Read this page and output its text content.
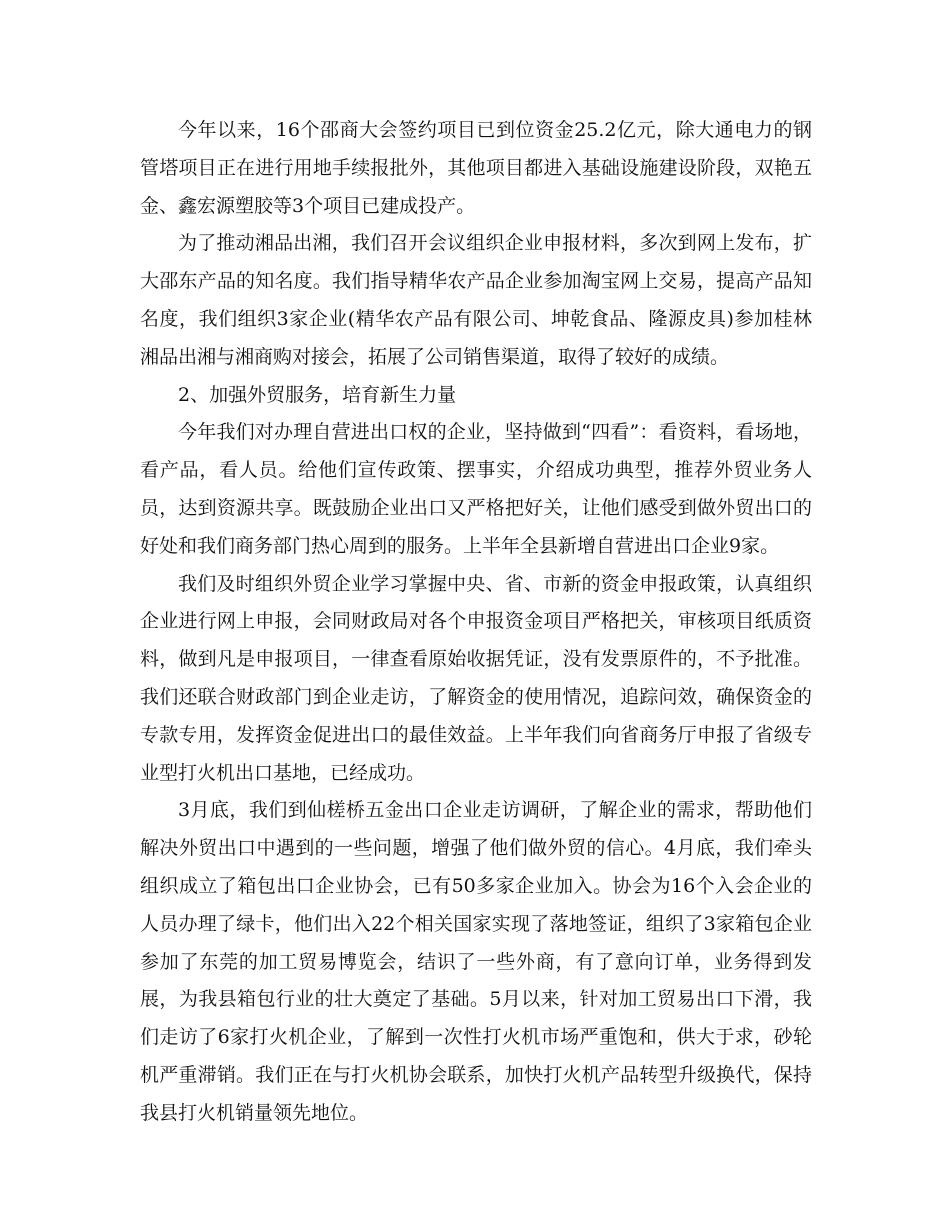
今年以来，16个邵商大会签约项目已到位资金25.2亿元，除大通电力的钢管塔项目正在进行用地手续报批外，其他项目都进入基础设施建设阶段，双艳五金、鑫宏源塑胶等3个项目已建成投产。

为了推动湘品出湘，我们召开会议组织企业申报材料，多次到网上发布，扩大邵东产品的知名度。我们指导精华农产品企业参加淘宝网上交易，提高产品知名度，我们组织3家企业(精华农产品有限公司、坤乾食品、隆源皮具)参加桂林湘品出湘与湘商购对接会，拓展了公司销售渠道，取得了较好的成绩。

2、加强外贸服务，培育新生力量

今年我们对办理自营进出口权的企业，坚持做到“四看”：看资料，看场地，看产品，看人员。给他们宣传政策、摆事实，介绍成功典型，推荐外贸业务人员，达到资源共享。既鼓励企业出口又严格把好关，让他们感受到做外贸出口的好处和我们商务部门热心周到的服务。上半年全县新增自营进出口企业9家。

我们及时组织外贸企业学习掌握中央、省、市新的资金申报政策，认真组织企业进行网上申报，会同财政局对各个申报资金项目严格把关，审核项目纸质资料，做到凡是申报项目，一律查看原始收据凭证，没有发票原件的，不予批准。我们还联合财政部门到企业走访，了解资金的使用情况，追踪问效，确保资金的专款专用，发挥资金促进出口的最佳效益。上半年我们向省商务厅申报了省级专业型打火机出口基地，已经成功。

3月底，我们到仙槎桥五金出口企业走访调研，了解企业的需求，帮助他们解决外贸出口中遇到的一些问题，增强了他们做外贸的信心。4月底，我们牵头组织成立了箱包出口企业协会，已有50多家企业加入。协会为16个入会企业的人员办理了绿卡，他们出入22个相关国家实现了落地签证，组织了3家箱包企业参加了东莞的加工贸易博览会，结识了一些外商，有了意向订单，业务得到发展，为我县箱包行业的壮大奠定了基础。5月以来，针对加工贸易出口下滑，我们走访了6家打火机企业，了解到一次性打火机市场严重饱和，供大于求，砂轮机严重滞销。我们正在与打火机协会联系，加快打火机产品转型升级换代，保持我县打火机销量领先地位。
